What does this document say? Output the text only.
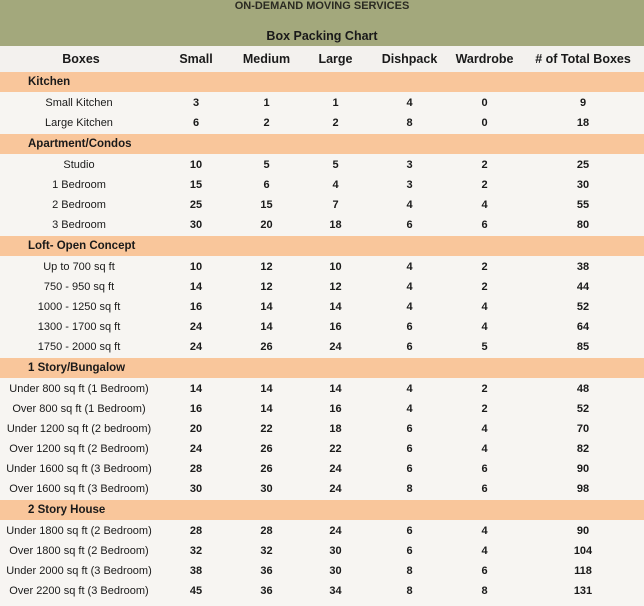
ON-DEMAND MOVING SERVICES
Box Packing Chart
Boxes	Small	Medium	Large	Dishpack	Wardrobe	# of Total Boxes
Kitchen
Small Kitchen	3	1	1	4	0	9
Large Kitchen	6	2	2	8	0	18
Apartment/Condos
Studio	10	5	5	3	2	25
1 Bedroom	15	6	4	3	2	30
2 Bedroom	25	15	7	4	4	55
3 Bedroom	30	20	18	6	6	80
Loft- Open Concept
Up to 700 sq ft	10	12	10	4	2	38
750 - 950 sq ft	14	12	12	4	2	44
1000 - 1250 sq ft	16	14	14	4	4	52
1300 - 1700 sq ft	24	14	16	6	4	64
1750 - 2000 sq ft	24	26	24	6	5	85
1 Story/Bungalow
Under 800 sq ft (1 Bedroom)	14	14	14	4	2	48
Over 800 sq ft (1 Bedroom)	16	14	16	4	2	52
Under 1200 sq ft (2 bedroom)	20	22	18	6	4	70
Over 1200 sq ft (2 Bedroom)	24	26	22	6	4	82
Under 1600 sq ft (3 Bedroom)	28	26	24	6	6	90
Over 1600 sq ft (3 Bedroom)	30	30	24	8	6	98
2 Story House
Under 1800 sq ft (2 Bedroom)	28	28	24	6	4	90
Over 1800 sq ft (2 Bedroom)	32	32	30	6	4	104
Under 2000 sq ft (3 Bedroom)	38	36	30	8	6	118
Over 2200 sq ft (3 Bedroom)	45	36	34	8	8	131
